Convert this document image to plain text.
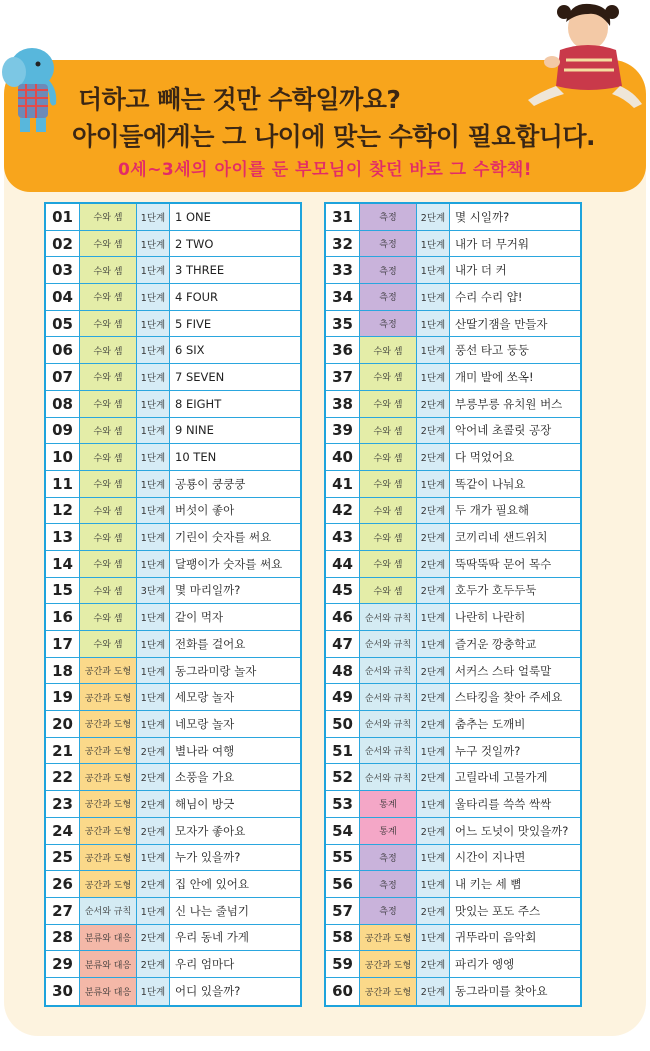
더하고 빼는 것만 수학일까요?
아이들에게는 그 나이에 맞는 수학이 필요합니다.
0세~3세의 아이를 둔 부모님이 찾던 바로 그 수학책!
01	수와 셈	1단계 1 ONE
02	수와 셈	1단계 2 TWO
03	수와 셈	1단계 3 THREE
04	수와 셈	1단계 4 FOUR
05	수와 셈	1단계 5 FIVE
06	수와 셈	1단계 6 SIX
07	수와 셈	1단계 7 SEVEN
08	수와 셈	1단계 8 EIGHT
09	수와 셈	1단계 9 NINE
10	수와 셈	1단계 10 TEN
11	수와 셈	1단계 공룡이 쿵쿵쿵
12	수와 셈	1단계 버섯이 좋아
13	수와 셈	1단계 기린이 숫자를 써요
14	수와 셈	1단계 달팽이가 숫자를 써요
15	수와 셈	3단계 몇 마리일까?
16	수와 셈	1단계 같이 먹자
17	수와 셈	1단계 전화를 걸어요
18	공간과 도형	1단계 동그라미랑 놀자
19	공간과 도형	1단계 세모랑 놀자
20	공간과 도형	1단계 네모랑 놀자
21	공간과 도형	2단계 별나라 여행
22	공간과 도형	2단계 소풍을 가요
23	공간과 도형	2단계 해님이 방긋
24	공간과 도형	2단계 모자가 좋아요
25	공간과 도형	1단계 누가 있을까?
26	공간과 도형	2단계 집 안에 있어요
27	순서와 규칙	1단계 신 나는 줄넘기
28	분류와 대응	2단계 우리 동네 가게
29	분류와 대응	2단계 우리 엄마다
30	분류와 대응	1단계 어디 있을까?
31	측정	2단계 몇 시일까?
32	측정	1단계 내가 더 무거워
33	측정	1단계 내가 더 커
34	측정	1단계 수리 수리 얍!
35	측정	1단계 산딸기잼을 만들자
36	수와 셈	1단계 풍선 타고 둥둥
37	수와 셈	1단계 개미 발에 쏘옥!
38	수와 셈	2단계 부릉부릉 유치원 버스
39	수와 셈	2단계 악어네 초콜릿 공장
40	수와 셈	2단계 다 먹었어요
41	수와 셈	1단계 똑같이 나눠요
42	수와 셈	2단계 두 개가 필요해
43	수와 셈	2단계 코끼리네 샌드위치
44	수와 셈	2단계 뚝딱뚝딱 문어 목수
45	수와 셈	2단계 호두가 호두두둑
46	순서와 규칙	1단계 나란히 나란히
47	순서와 규칙	1단계 즐거운 깡충학교
48	순서와 규칙	2단계 서커스 스타 얼룩말
49	순서와 규칙	2단계 스타킹을 찾아 주세요
50	순서와 규칙	2단계 춤추는 도깨비
51	순서와 규칙	1단계 누구 것일까?
52	순서와 규칙	2단계 고릴라네 고물가게
53	통계	1단계 울타리를 쓱쓱 싹싹
54	통계	2단계 어느 도넛이 맛있을까?
55	측정	1단계 시간이 지나면
56	측정	1단계 내 키는 세 뼘
57	측정	2단계 맛있는 포도 주스
58	공간과 도형	1단계 귀뚜라미 음악회
59	공간과 도형	2단계 파리가 엥엥
60	공간과 도형	2단계 동그라미를 찾아요
